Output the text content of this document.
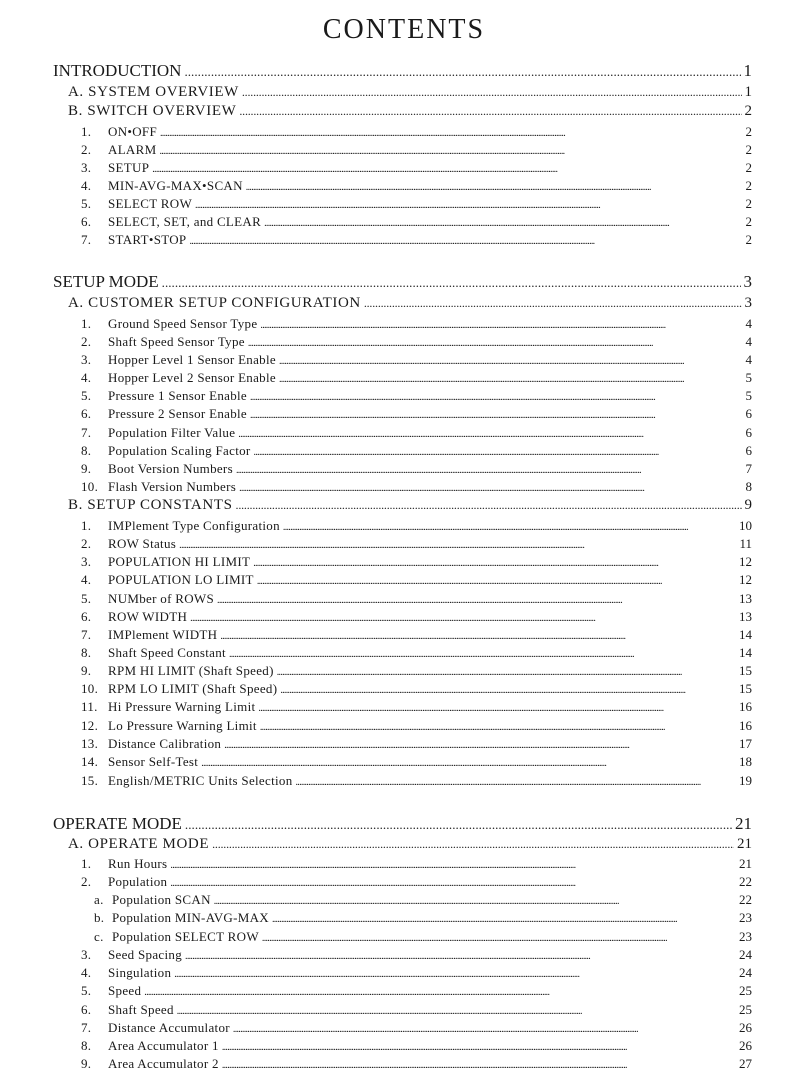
CONTENTS
INTRODUCTION . . .	1
A. SYSTEM OVERVIEW . . .	1
B. SWITCH OVERVIEW . . .	2
1.	ON•OFF . . .	2
2.	ALARM . . .	2
3.	SETUP . . .	2
4.	MIN-AVG-MAX•SCAN . . .	2
5.	SELECT ROW . . .	2
6.	SELECT, SET, and CLEAR . . .	2
7.	START•STOP . . .	2
SETUP MODE . . .	3
A. CUSTOMER SETUP CONFIGURATION . . .	3
1.	Ground Speed Sensor Type . . .	4
2.	Shaft Speed Sensor Type . . .	4
3.	Hopper Level 1 Sensor Enable . . .	4
4.	Hopper Level 2 Sensor Enable . . .	5
5.	Pressure 1 Sensor Enable . . .	5
6.	Pressure 2 Sensor Enable . . .	6
7.	Population Filter Value . . .	6
8.	Population Scaling Factor . . .	6
9.	Boot Version Numbers . . .	7
10. Flash Version Numbers . . .	8
B. SETUP CONSTANTS . . .	9
1.	IMPlement Type Configuration . . .	10
2.	ROW Status . . .	11
3.	POPULATION HI LIMIT . . .	12
4.	POPULATION LO LIMIT . . .	12
5.	NUMber of ROWS . . .	13
6.	ROW WIDTH . . .	13
7.	IMPlement WIDTH . . .	14
8.	Shaft Speed Constant . . .	14
9.	RPM HI LIMIT (Shaft Speed) . . .	15
10. RPM LO LIMIT (Shaft Speed) . . .	15
11. Hi Pressure Warning Limit . . .	16
12. Lo Pressure Warning Limit . . .	16
13. Distance Calibration . . .	17
14. Sensor Self-Test . . .	18
15. English/METRIC Units Selection . . .	19
OPERATE MODE . . .	21
A. OPERATE MODE . . .	21
1.	Run Hours . . .	21
2.	Population . . .	22
a. Population SCAN . . .	22
b. Population MIN-AVG-MAX . . .	23
c. Population SELECT ROW . . .	23
3.	Seed Spacing . . .	24
4.	Singulation . . .	24
5.	Speed . . .	25
6.	Shaft Speed . . .	25
7.	Distance Accumulator . . .	26
8.	Area Accumulator 1 . . .	26
9.	Area Accumulator 2 . . .	27
